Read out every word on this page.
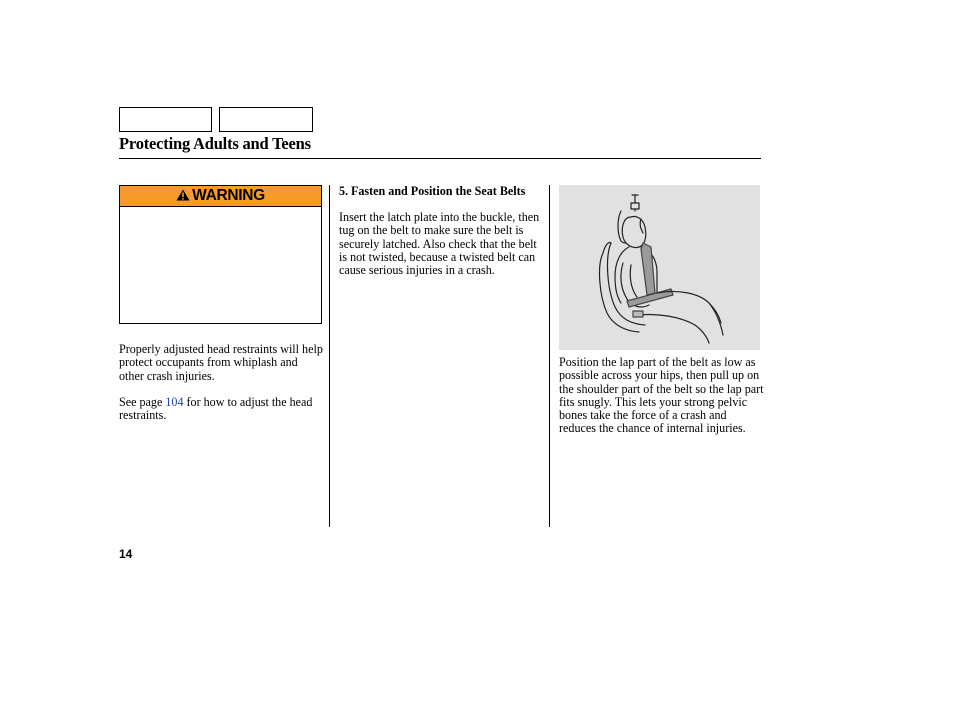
Protecting Adults and Teens
WARNING
Properly adjusted head restraints will help protect occupants from whiplash and other crash injuries.
See page 104 for how to adjust the head restraints.
5. Fasten and Position the Seat Belts
Insert the latch plate into the buckle, then tug on the belt to make sure the belt is securely latched. Also check that the belt is not twisted, because a twisted belt can cause serious injuries in a crash.
Position the lap part of the belt as low as possible across your hips, then pull up on the shoulder part of the belt so the lap part fits snugly. This lets your strong pelvic bones take the force of a crash and reduces the chance of internal injuries.
14
